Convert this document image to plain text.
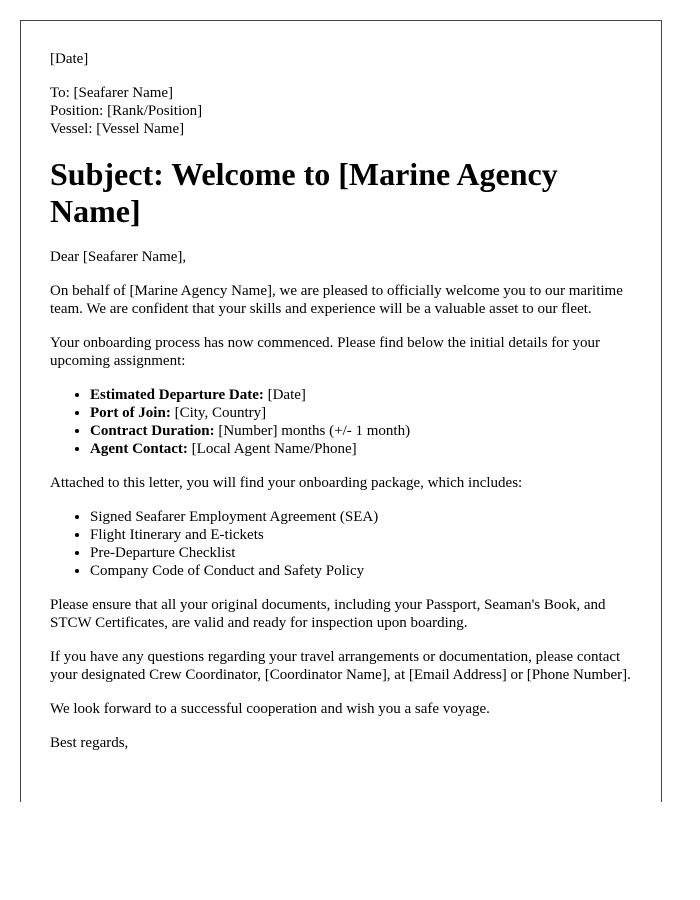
[Date]
To: [Seafarer Name]
Position: [Rank/Position]
Vessel: [Vessel Name]
Subject: Welcome to [Marine Agency Name]

Dear [Seafarer Name],

On behalf of [Marine Agency Name], we are pleased to officially welcome you to our maritime team. We are confident that your skills and experience will be a valuable asset to our fleet.

Your onboarding process has now commenced. Please find below the initial details for your upcoming assignment:

• Estimated Departure Date: [Date]
• Port of Join: [City, Country]
• Contract Duration: [Number] months (+/- 1 month)
• Agent Contact: [Local Agent Name/Phone]

Attached to this letter, you will find your onboarding package, which includes:

• Signed Seafarer Employment Agreement (SEA)
• Flight Itinerary and E-tickets
• Pre-Departure Checklist
• Company Code of Conduct and Safety Policy

Please ensure that all your original documents, including your Passport, Seaman's Book, and STCW Certificates, are valid and ready for inspection upon boarding.

If you have any questions regarding your travel arrangements or documentation, please contact your designated Crew Coordinator, [Coordinator Name], at [Email Address] or [Phone Number].

We look forward to a successful cooperation and wish you a safe voyage.

Best regards,
